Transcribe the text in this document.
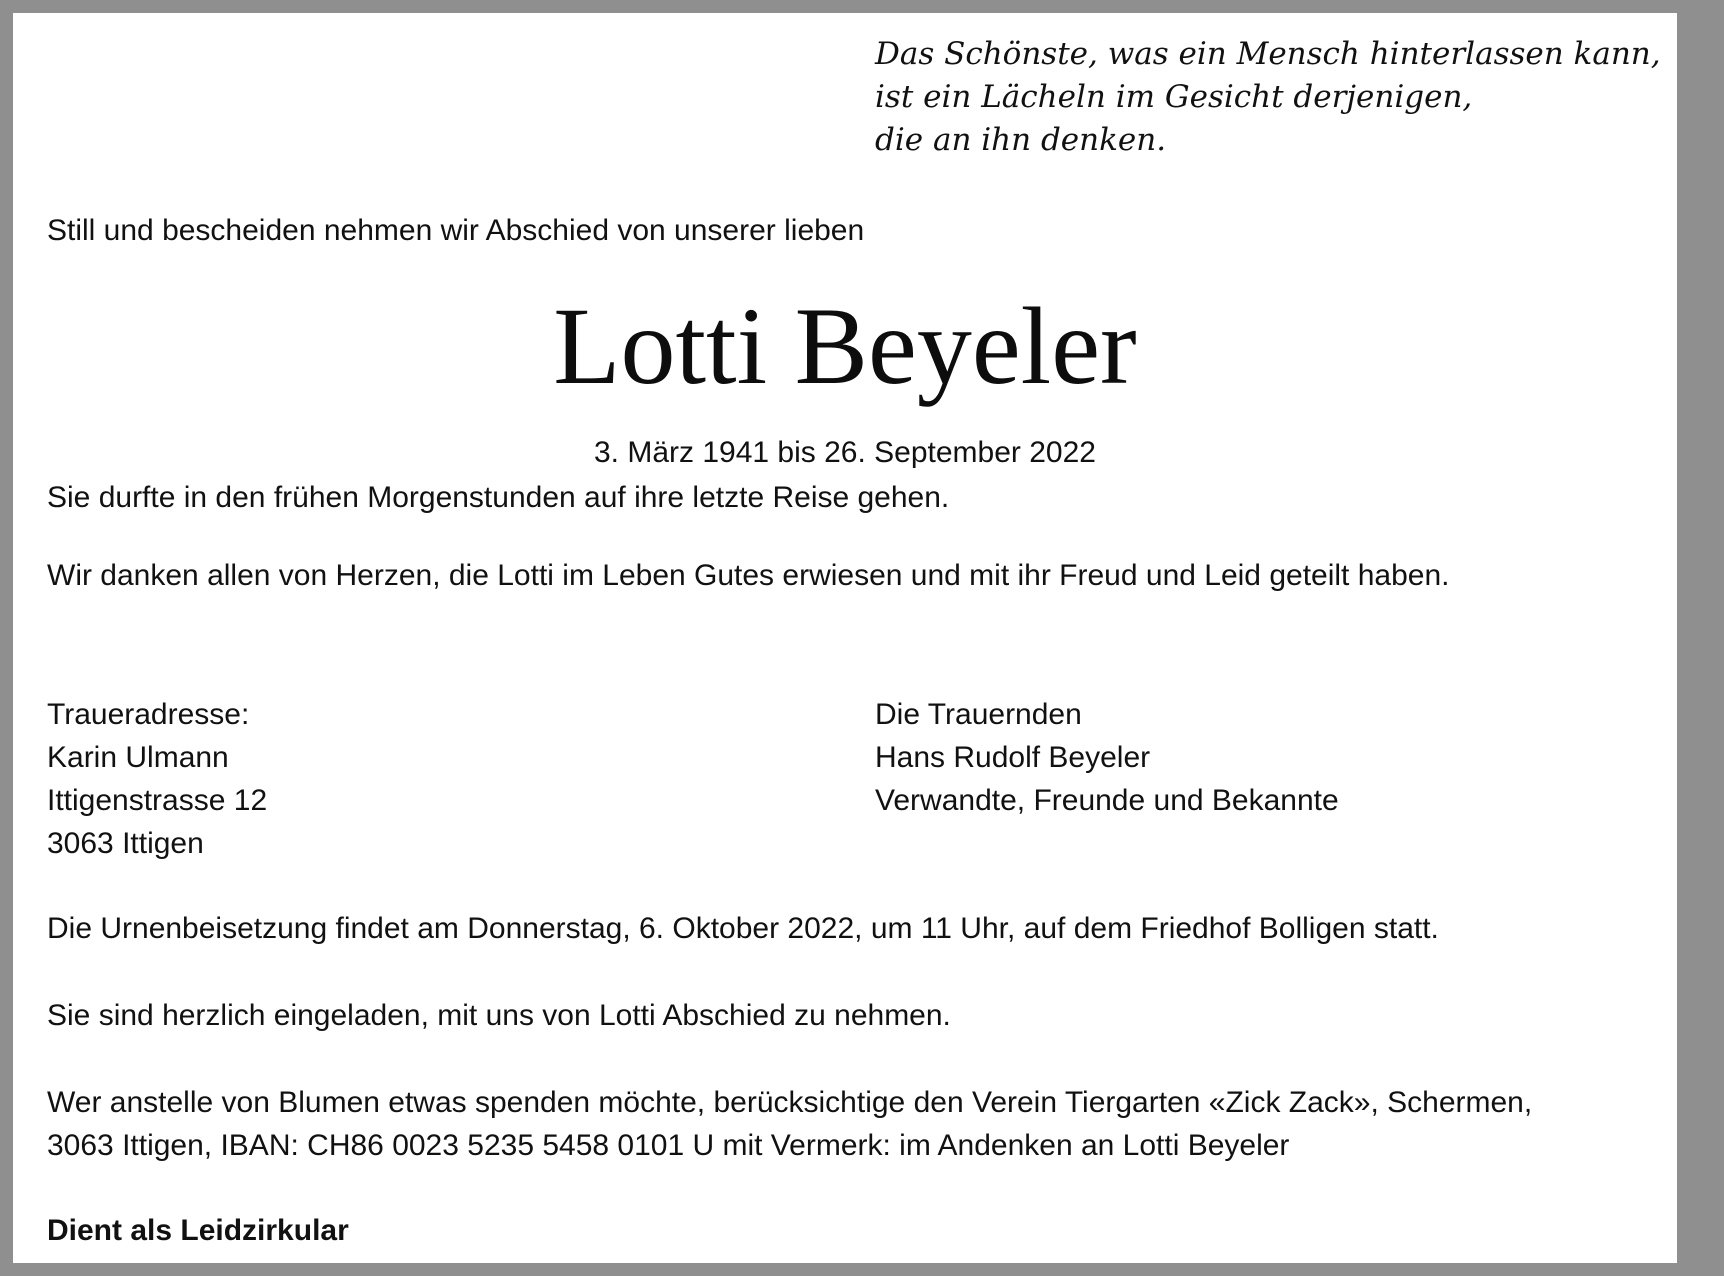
Das Schönste, was ein Mensch hinterlassen kann,
ist ein Lächeln im Gesicht derjenigen,
die an ihn denken.
Still und bescheiden nehmen wir Abschied von unserer lieben
Lotti Beyeler
3. März 1941 bis 26. September 2022
Sie durfte in den frühen Morgenstunden auf ihre letzte Reise gehen.
Wir danken allen von Herzen, die Lotti im Leben Gutes erwiesen und mit ihr Freud und Leid geteilt haben.
Traueradresse:
Karin Ulmann
Ittigenstrasse 12
3063 Ittigen
Die Trauernden
Hans Rudolf Beyeler
Verwandte, Freunde und Bekannte
Die Urnenbeisetzung findet am Donnerstag, 6. Oktober 2022, um 11 Uhr, auf dem Friedhof Bolligen statt.
Sie sind herzlich eingeladen, mit uns von Lotti Abschied zu nehmen.
Wer anstelle von Blumen etwas spenden möchte, berücksichtige den Verein Tiergarten «Zick Zack», Schermen,
3063 Ittigen, IBAN: CH86 0023 5235 5458 0101 U mit Vermerk: im Andenken an Lotti Beyeler
Dient als Leidzirkular
